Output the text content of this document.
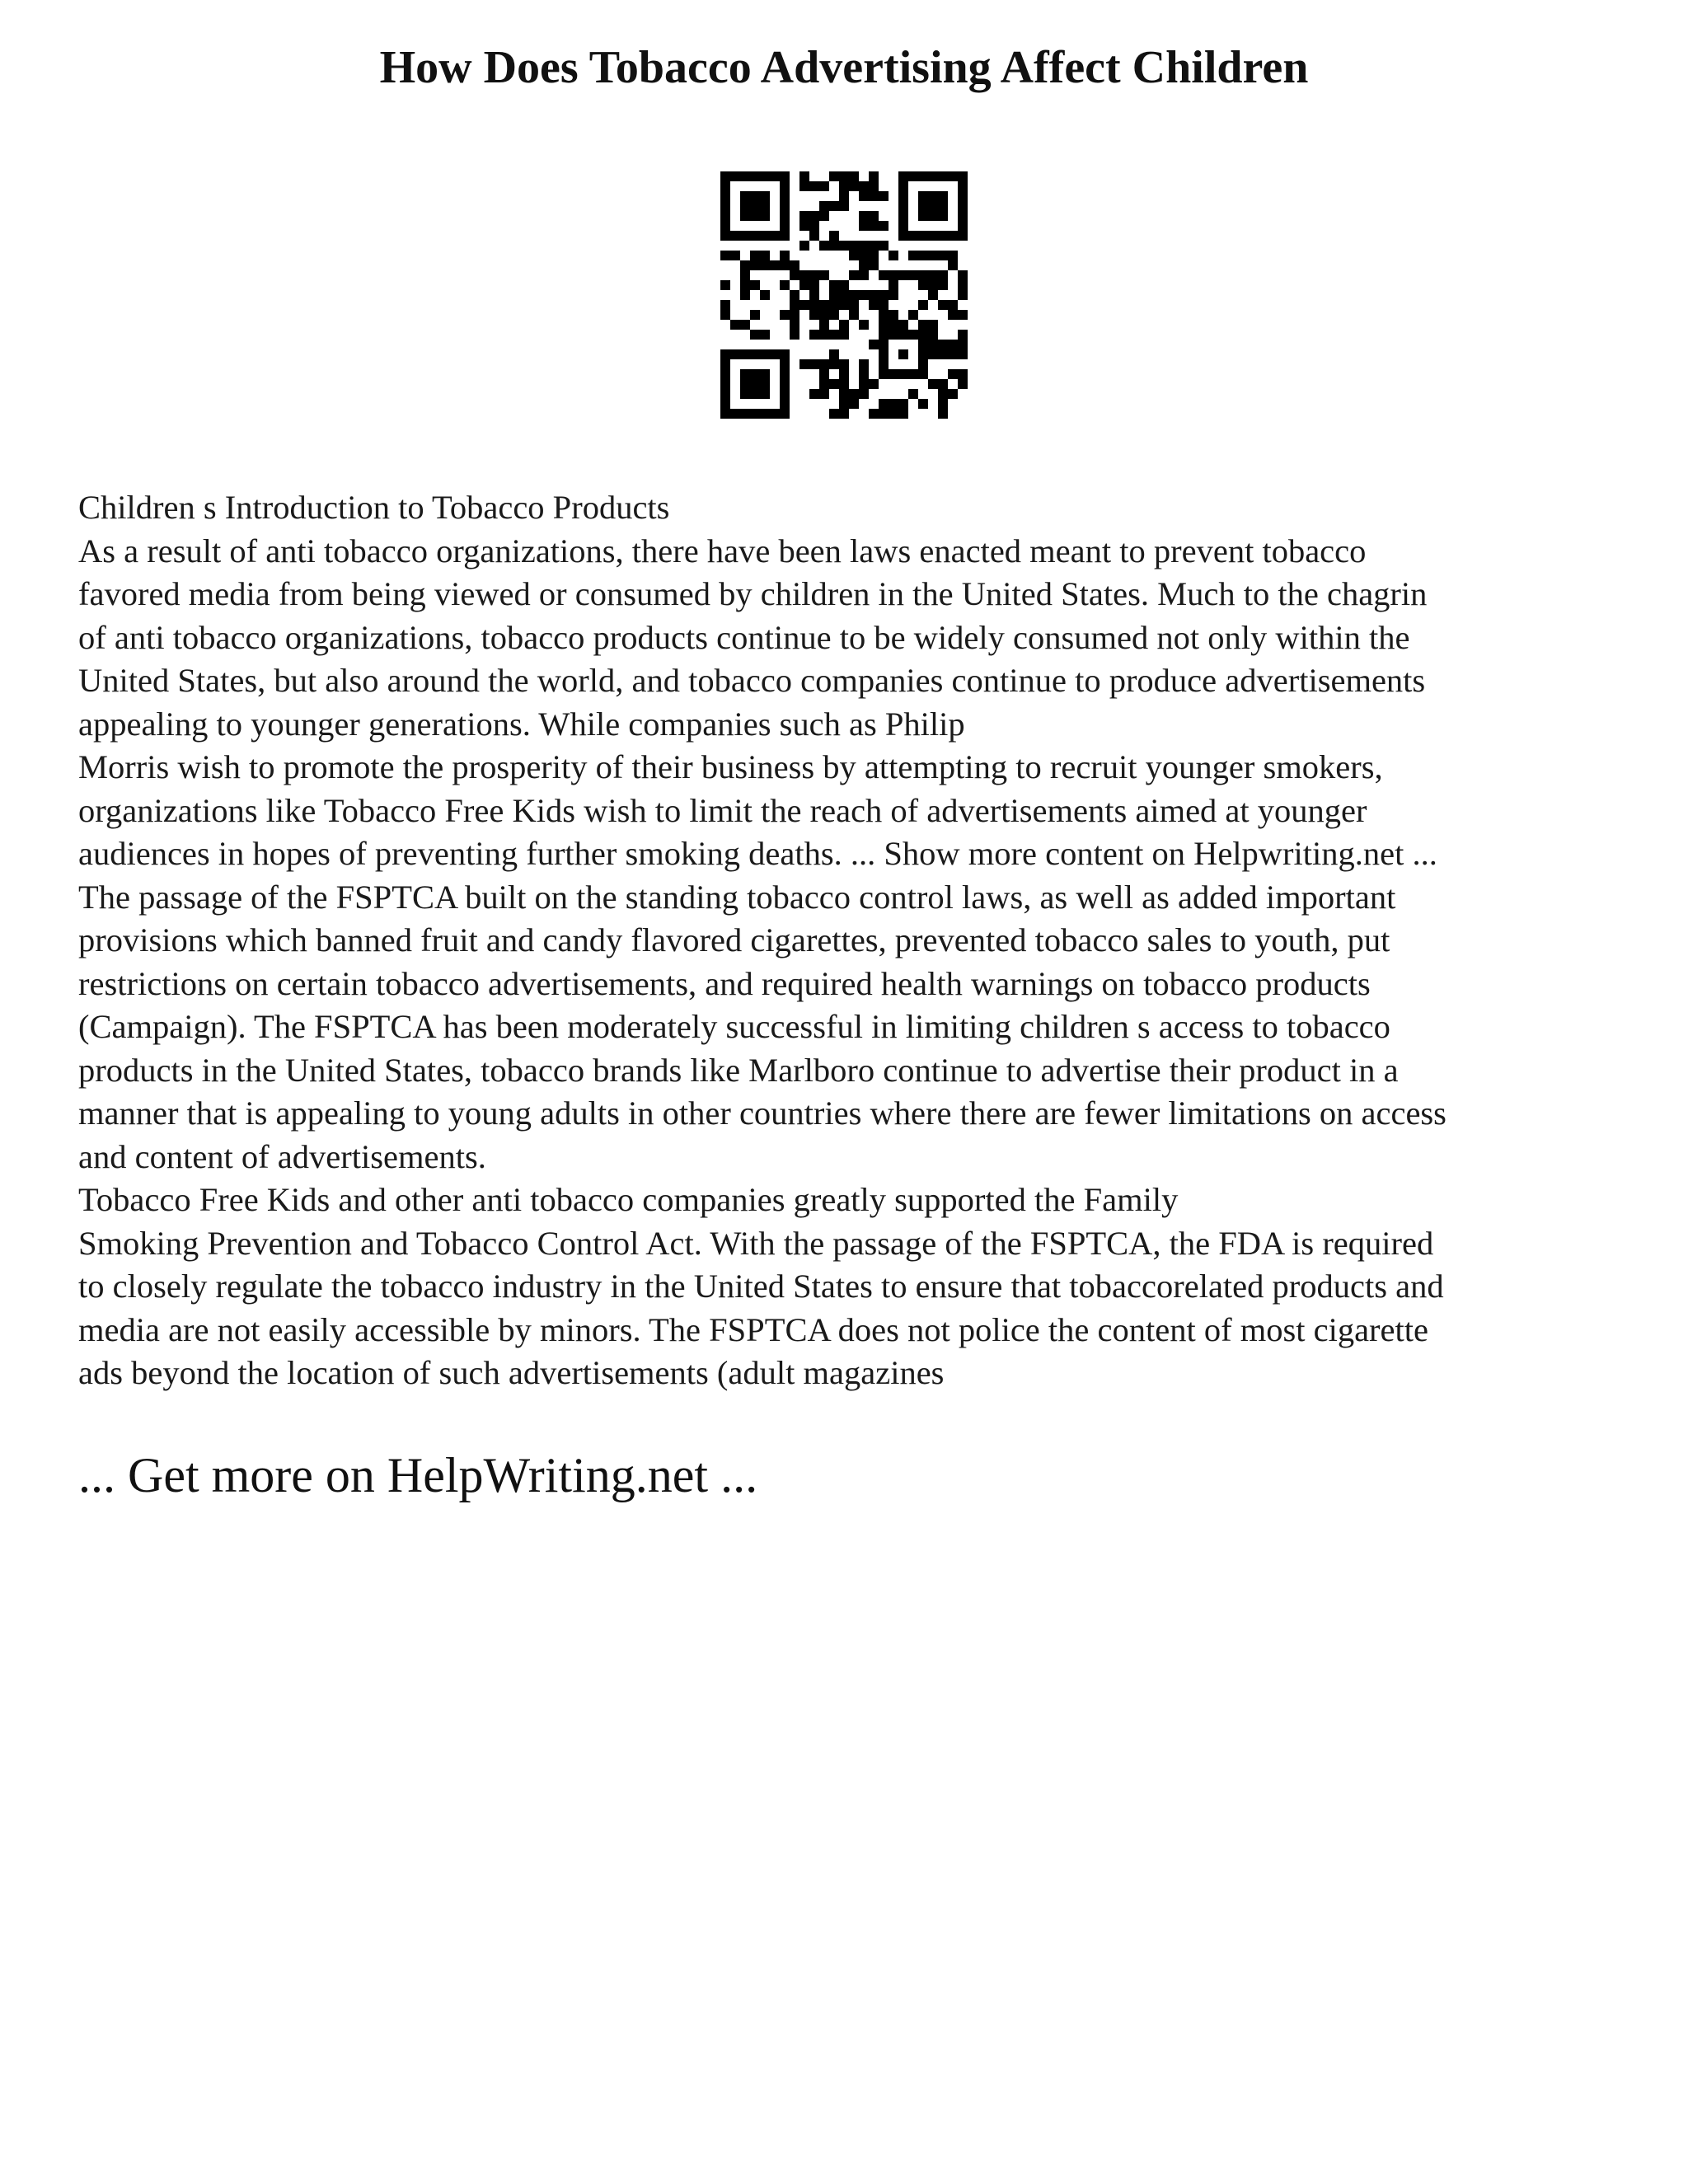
How Does Tobacco Advertising Affect Children
Children s Introduction to Tobacco Products
As a result of anti tobacco organizations, there have been laws enacted meant to prevent tobacco
favored media from being viewed or consumed by children in the United States. Much to the chagrin
of anti tobacco organizations, tobacco products continue to be widely consumed not only within the
United States, but also around the world, and tobacco companies continue to produce advertisements
appealing to younger generations. While companies such as Philip
Morris wish to promote the prosperity of their business by attempting to recruit younger smokers,
organizations like Tobacco Free Kids wish to limit the reach of advertisements aimed at younger
audiences in hopes of preventing further smoking deaths. ... Show more content on Helpwriting.net ...
The passage of the FSPTCA built on the standing tobacco control laws, as well as added important
provisions which banned fruit and candy flavored cigarettes, prevented tobacco sales to youth, put
restrictions on certain tobacco advertisements, and required health warnings on tobacco products
(Campaign). The FSPTCA has been moderately successful in limiting children s access to tobacco
products in the United States, tobacco brands like Marlboro continue to advertise their product in a
manner that is appealing to young adults in other countries where there are fewer limitations on access
and content of advertisements.
Tobacco Free Kids and other anti tobacco companies greatly supported the Family
Smoking Prevention and Tobacco Control Act. With the passage of the FSPTCA, the FDA is required
to closely regulate the tobacco industry in the United States to ensure that tobaccorelated products and
media are not easily accessible by minors. The FSPTCA does not police the content of most cigarette
ads beyond the location of such advertisements (adult magazines

... Get more on HelpWriting.net ...
